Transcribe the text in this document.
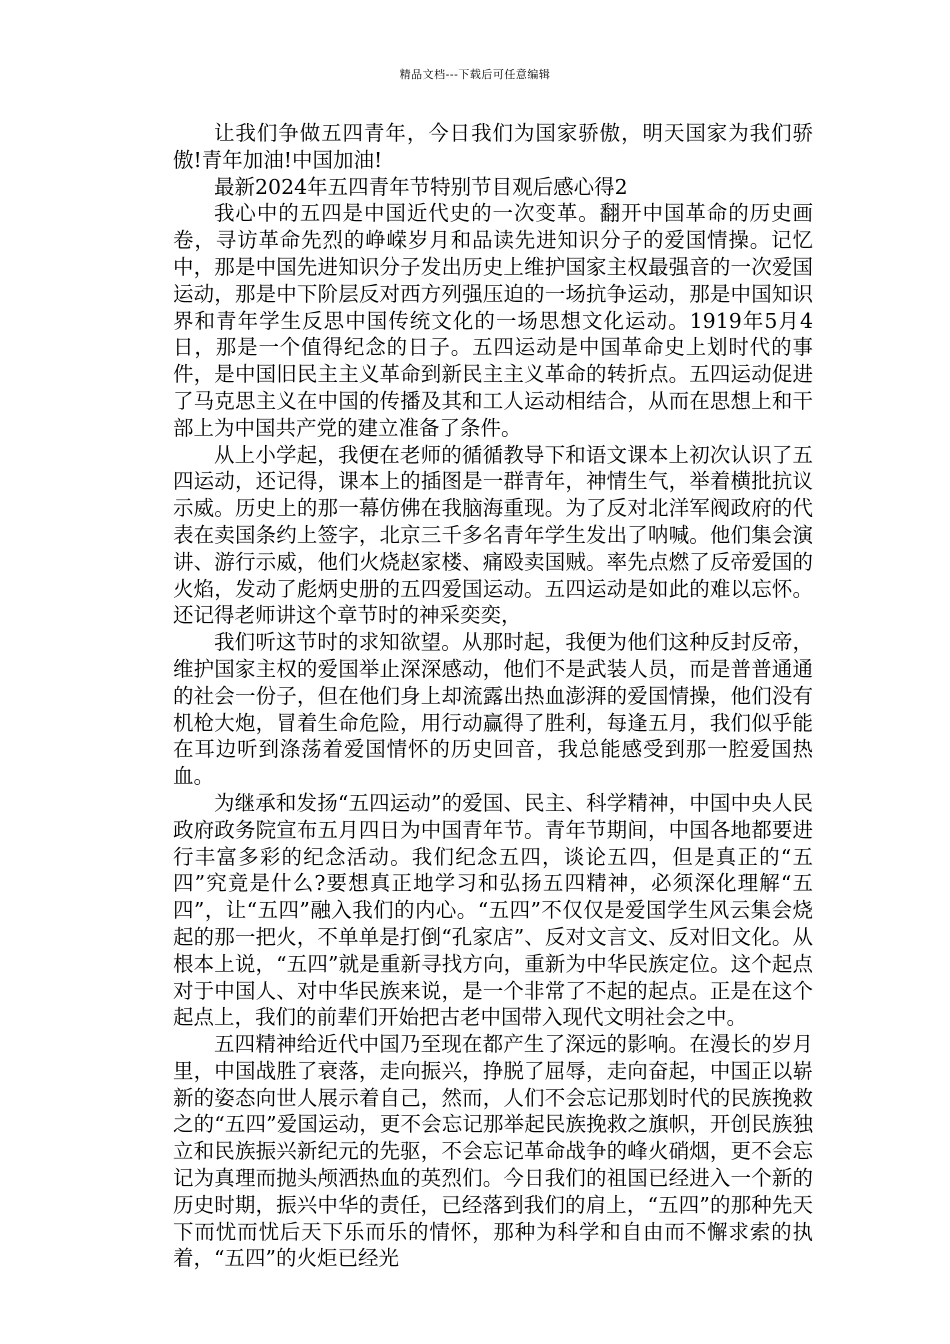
精品文档---下载后可任意编辑

让我们争做五四青年，今日我们为国家骄傲，明天国家为我们骄傲!青年加油!中国加油!

最新2024年五四青年节特别节目观后感心得2

我心中的五四是中国近代史的一次变革。翻开中国革命的历史画卷，寻访革命先烈的峥嵘岁月和品读先进知识分子的爱国情操。记忆中，那是中国先进知识分子发出历史上维护国家主权最强音的一次爱国运动，那是中下阶层反对西方列强压迫的一场抗争运动，那是中国知识界和青年学生反思中国传统文化的一场思想文化运动。1919年5月4日，那是一个值得纪念的日子。五四运动是中国革命史上划时代的事件，是中国旧民主主义革命到新民主主义革命的转折点。五四运动促进了马克思主义在中国的传播及其和工人运动相结合，从而在思想上和干部上为中国共产党的建立准备了条件。

从上小学起，我便在老师的循循教导下和语文课本上初次认识了五四运动，还记得，课本上的插图是一群青年，神情生气，举着横批抗议示威。历史上的那一幕仿佛在我脑海重现。为了反对北洋军阀政府的代表在卖国条约上签字，北京三千多名青年学生发出了呐喊。他们集会演讲、游行示威，他们火烧赵家楼、痛殴卖国贼。率先点燃了反帝爱国的火焰，发动了彪炳史册的五四爱国运动。五四运动是如此的难以忘怀。还记得老师讲这个章节时的神采奕奕，

我们听这节时的求知欲望。从那时起，我便为他们这种反封反帝，维护国家主权的爱国举止深深感动，他们不是武装人员，而是普普通通的社会一份子，但在他们身上却流露出热血澎湃的爱国情操，他们没有机枪大炮，冒着生命危险，用行动赢得了胜利，每逢五月，我们似乎能在耳边听到涤荡着爱国情怀的历史回音，我总能感受到那一腔爱国热血。

为继承和发扬“五四运动”的爱国、民主、科学精神，中国中央人民政府政务院宣布五月四日为中国青年节。青年节期间，中国各地都要进行丰富多彩的纪念活动。我们纪念五四，谈论五四，但是真正的“五四”究竟是什么?要想真正地学习和弘扬五四精神，必须深化理解“五四”，让“五四”融入我们的内心。“五四”不仅仅是爱国学生风云集会烧起的那一把火，不单单是打倒“孔家店”、反对文言文、反对旧文化。从根本上说，“五四”就是重新寻找方向，重新为中华民族定位。这个起点对于中国人、对中华民族来说，是一个非常了不起的起点。正是在这个起点上，我们的前辈们开始把古老中国带入现代文明社会之中。

五四精神给近代中国乃至现在都产生了深远的影响。在漫长的岁月里，中国战胜了衰落，走向振兴，挣脱了屈辱，走向奋起，中国正以崭新的姿态向世人展示着自己，然而，人们不会忘记那划时代的民族挽救之的“五四”爱国运动，更不会忘记那举起民族挽救之旗帜，开创民族独立和民族振兴新纪元的先驱，不会忘记革命战争的峰火硝烟，更不会忘记为真理而抛头颅洒热血的英烈们。今日我们的祖国已经进入一个新的历史时期，振兴中华的责任，已经落到我们的肩上，“五四”的那种先天下而忧而忧后天下乐而乐的情怀，那种为科学和自由而不懈求索的执着，“五四”的火炬已经光
